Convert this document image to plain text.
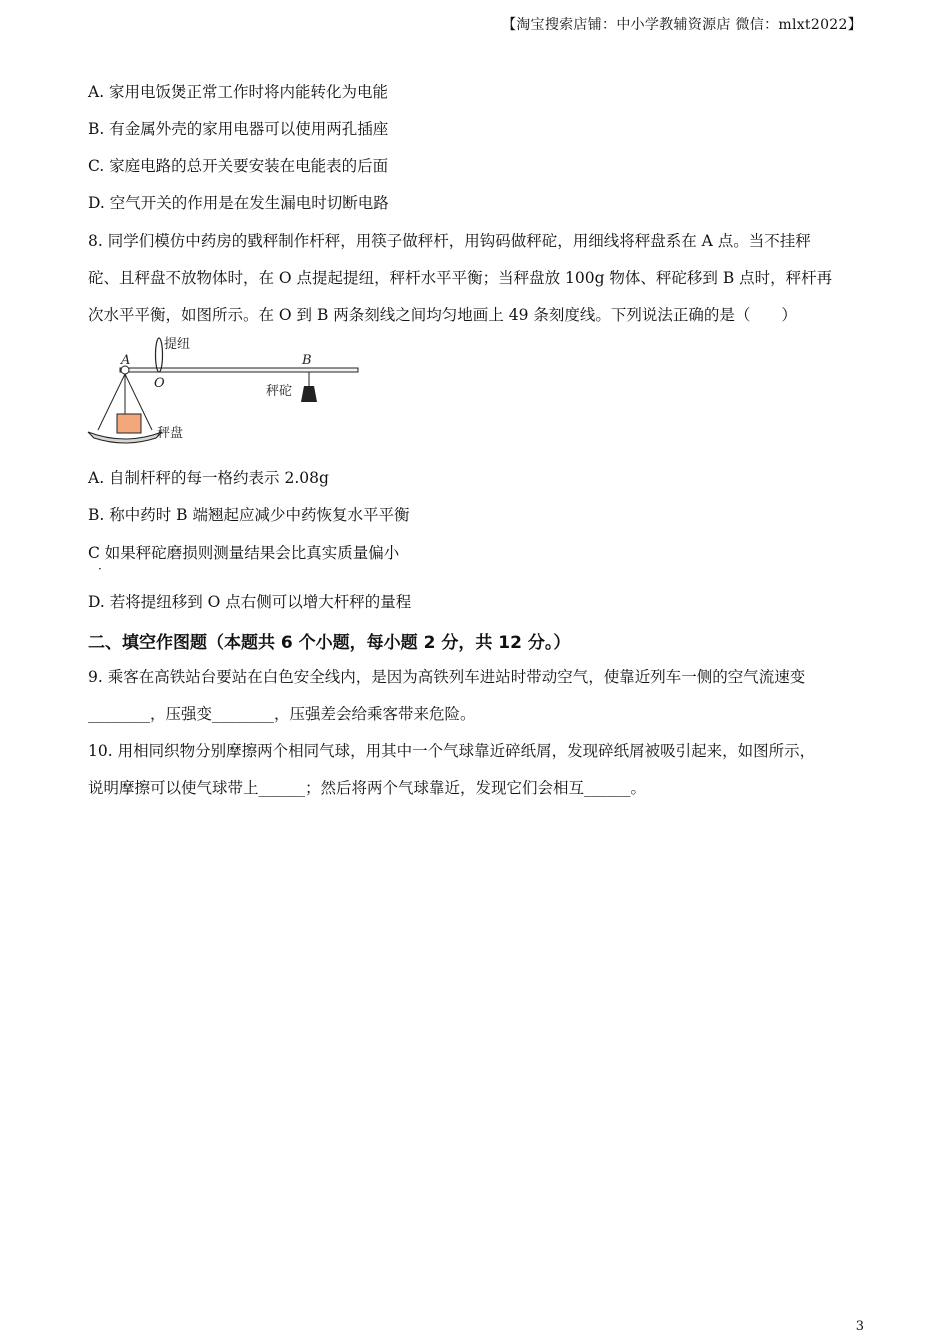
【淘宝搜索店铺：中小学教辅资源店 微信：mlxt2022】
A. 家用电饭煲正常工作时将内能转化为电能
B. 有金属外壳的家用电器可以使用两孔插座
C. 家庭电路的总开关要安装在电能表的后面
D. 空气开关的作用是在发生漏电时切断电路
8. 同学们模仿中药房的戥秤制作杆秤，用筷子做秤杆，用钩码做秤砣，用细线将秤盘系在 A 点。当不挂秤
砣、且秤盘不放物体时，在 O 点提起提纽，秤杆水平平衡；当秤盘放 100g 物体、秤砣移到 B 点时，秤杆再
次水平平衡，如图所示。在 O 到 B 两条刻线之间均匀地画上 49 条刻度线。下列说法正确的是（　　）
A
O
B
提纽
秤砣
秤盘
A. 自制杆秤的每一格约表示 2.08g
B. 称中药时 B 端翘起应减少中药恢复水平平衡
C 如果秤砣磨损则测量结果会比真实质量偏小
·
D. 若将提纽移到 O 点右侧可以增大杆秤的量程
二、填空作图题（本题共 6 个小题，每小题 2 分，共 12 分。）
9. 乘客在高铁站台要站在白色安全线内，是因为高铁列车进站时带动空气，使靠近列车一侧的空气流速变
________，压强变________，压强差会给乘客带来危险。
10. 用相同织物分别摩擦两个相同气球，用其中一个气球靠近碎纸屑，发现碎纸屑被吸引起来，如图所示，
说明摩擦可以使气球带上______；然后将两个气球靠近，发现它们会相互______。
3
